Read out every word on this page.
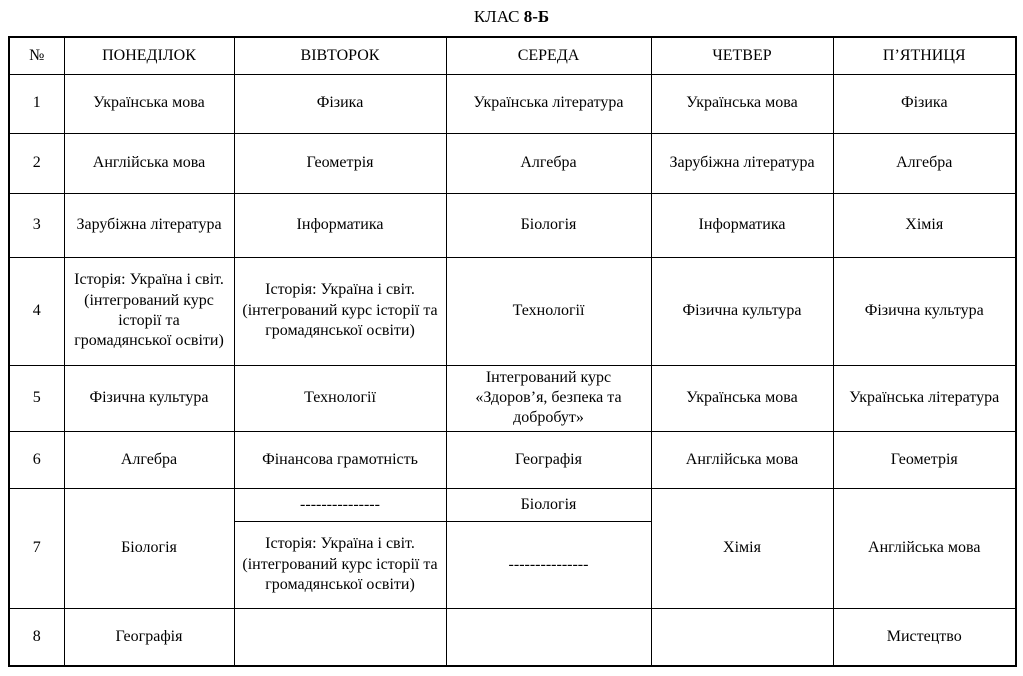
КЛАС 8-Б
№	ПОНЕДІЛОК	ВІВТОРОК	СЕРЕДА	ЧЕТВЕР	П’ЯТНИЦЯ
1	Українська мова	Фізика	Українська література	Українська мова	Фізика
2	Англійська мова	Геометрія	Алгебра	Зарубіжна література	Алгебра
3	Зарубіжна література	Інформатика	Біологія	Інформатика	Хімія
4	Історія: Україна і світ. (інтегрований курс історії та громадянської освіти)	Історія: Україна і світ. (інтегрований курс історії та громадянської освіти)	Технології	Фізична культура	Фізична культура
5	Фізична культура	Технології	Інтегрований курс «Здоров’я, безпека та добробут»	Українська мова	Українська література
6	Алгебра	Фінансова грамотність	Географія	Англійська мова	Геометрія
7	Біологія	---------------	Біологія	Хімія	Англійська мова
		Історія: Україна і світ. (інтегрований курс історії та громадянської освіти)	---------------		
8	Географія				Мистецтво
